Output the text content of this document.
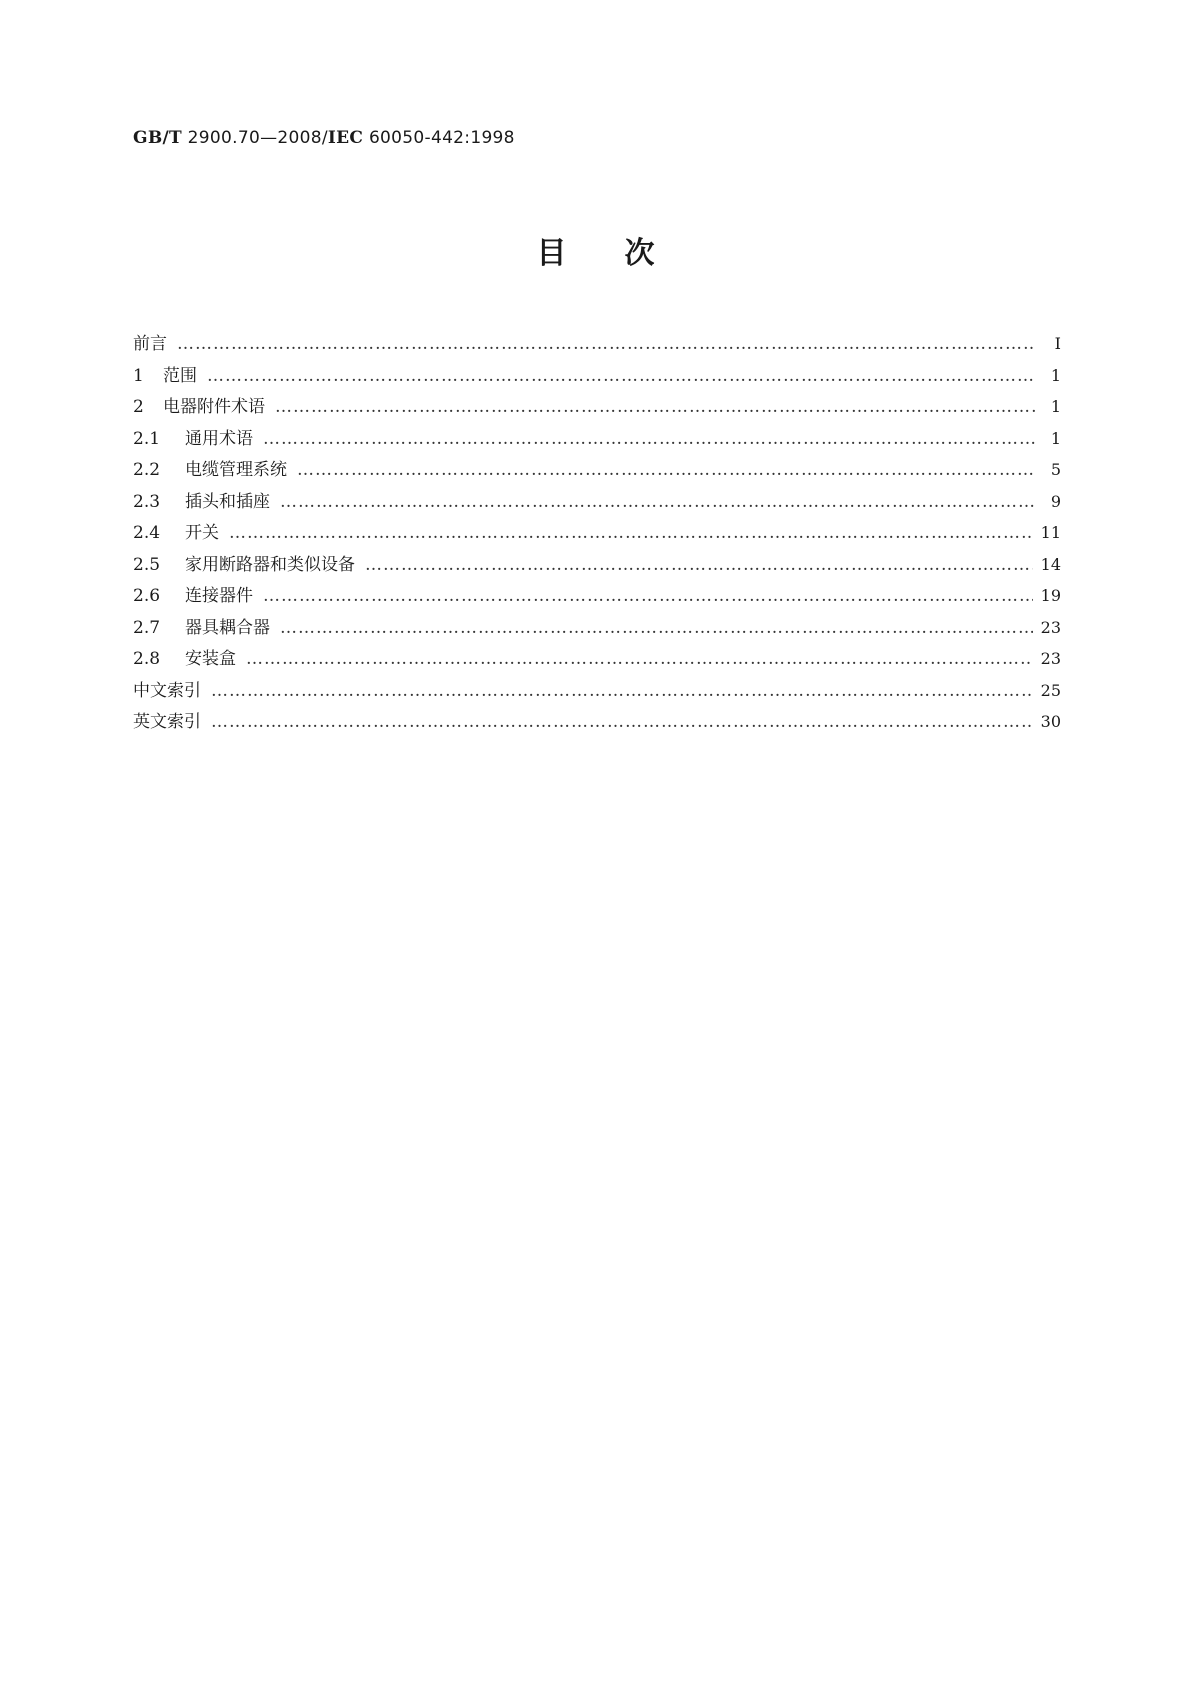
GB/T 2900.70—2008/IEC 60050-442:1998
目次
前言 …………………………………………………………………………………………………………………………………………………………………………………………………………………………………………	I
1 范围 …………………………………………………………………………………………………………………………………………………………………………………………………………………………………………	1
2 电器附件术语 …………………………………………………………………………………………………………………………………………………………………………………………………………………………………………	1
2.1 通用术语 …………………………………………………………………………………………………………………………………………………………………………………………………………………………………………	1
2.2 电缆管理系统 …………………………………………………………………………………………………………………………………………………………………………………………………………………………………………	5
2.3 插头和插座 …………………………………………………………………………………………………………………………………………………………………………………………………………………………………………	9
2.4 开关 …………………………………………………………………………………………………………………………………………………………………………………………………………………………………………	11
2.5 家用断路器和类似设备 …………………………………………………………………………………………………………………………………………………………………………………………………………………………………………	14
2.6 连接器件 …………………………………………………………………………………………………………………………………………………………………………………………………………………………………………	19
2.7 器具耦合器 …………………………………………………………………………………………………………………………………………………………………………………………………………………………………………	23
2.8 安装盒 …………………………………………………………………………………………………………………………………………………………………………………………………………………………………………	23
中文索引 …………………………………………………………………………………………………………………………………………………………………………………………………………………………………………	25
英文索引 …………………………………………………………………………………………………………………………………………………………………………………………………………………………………………	30
